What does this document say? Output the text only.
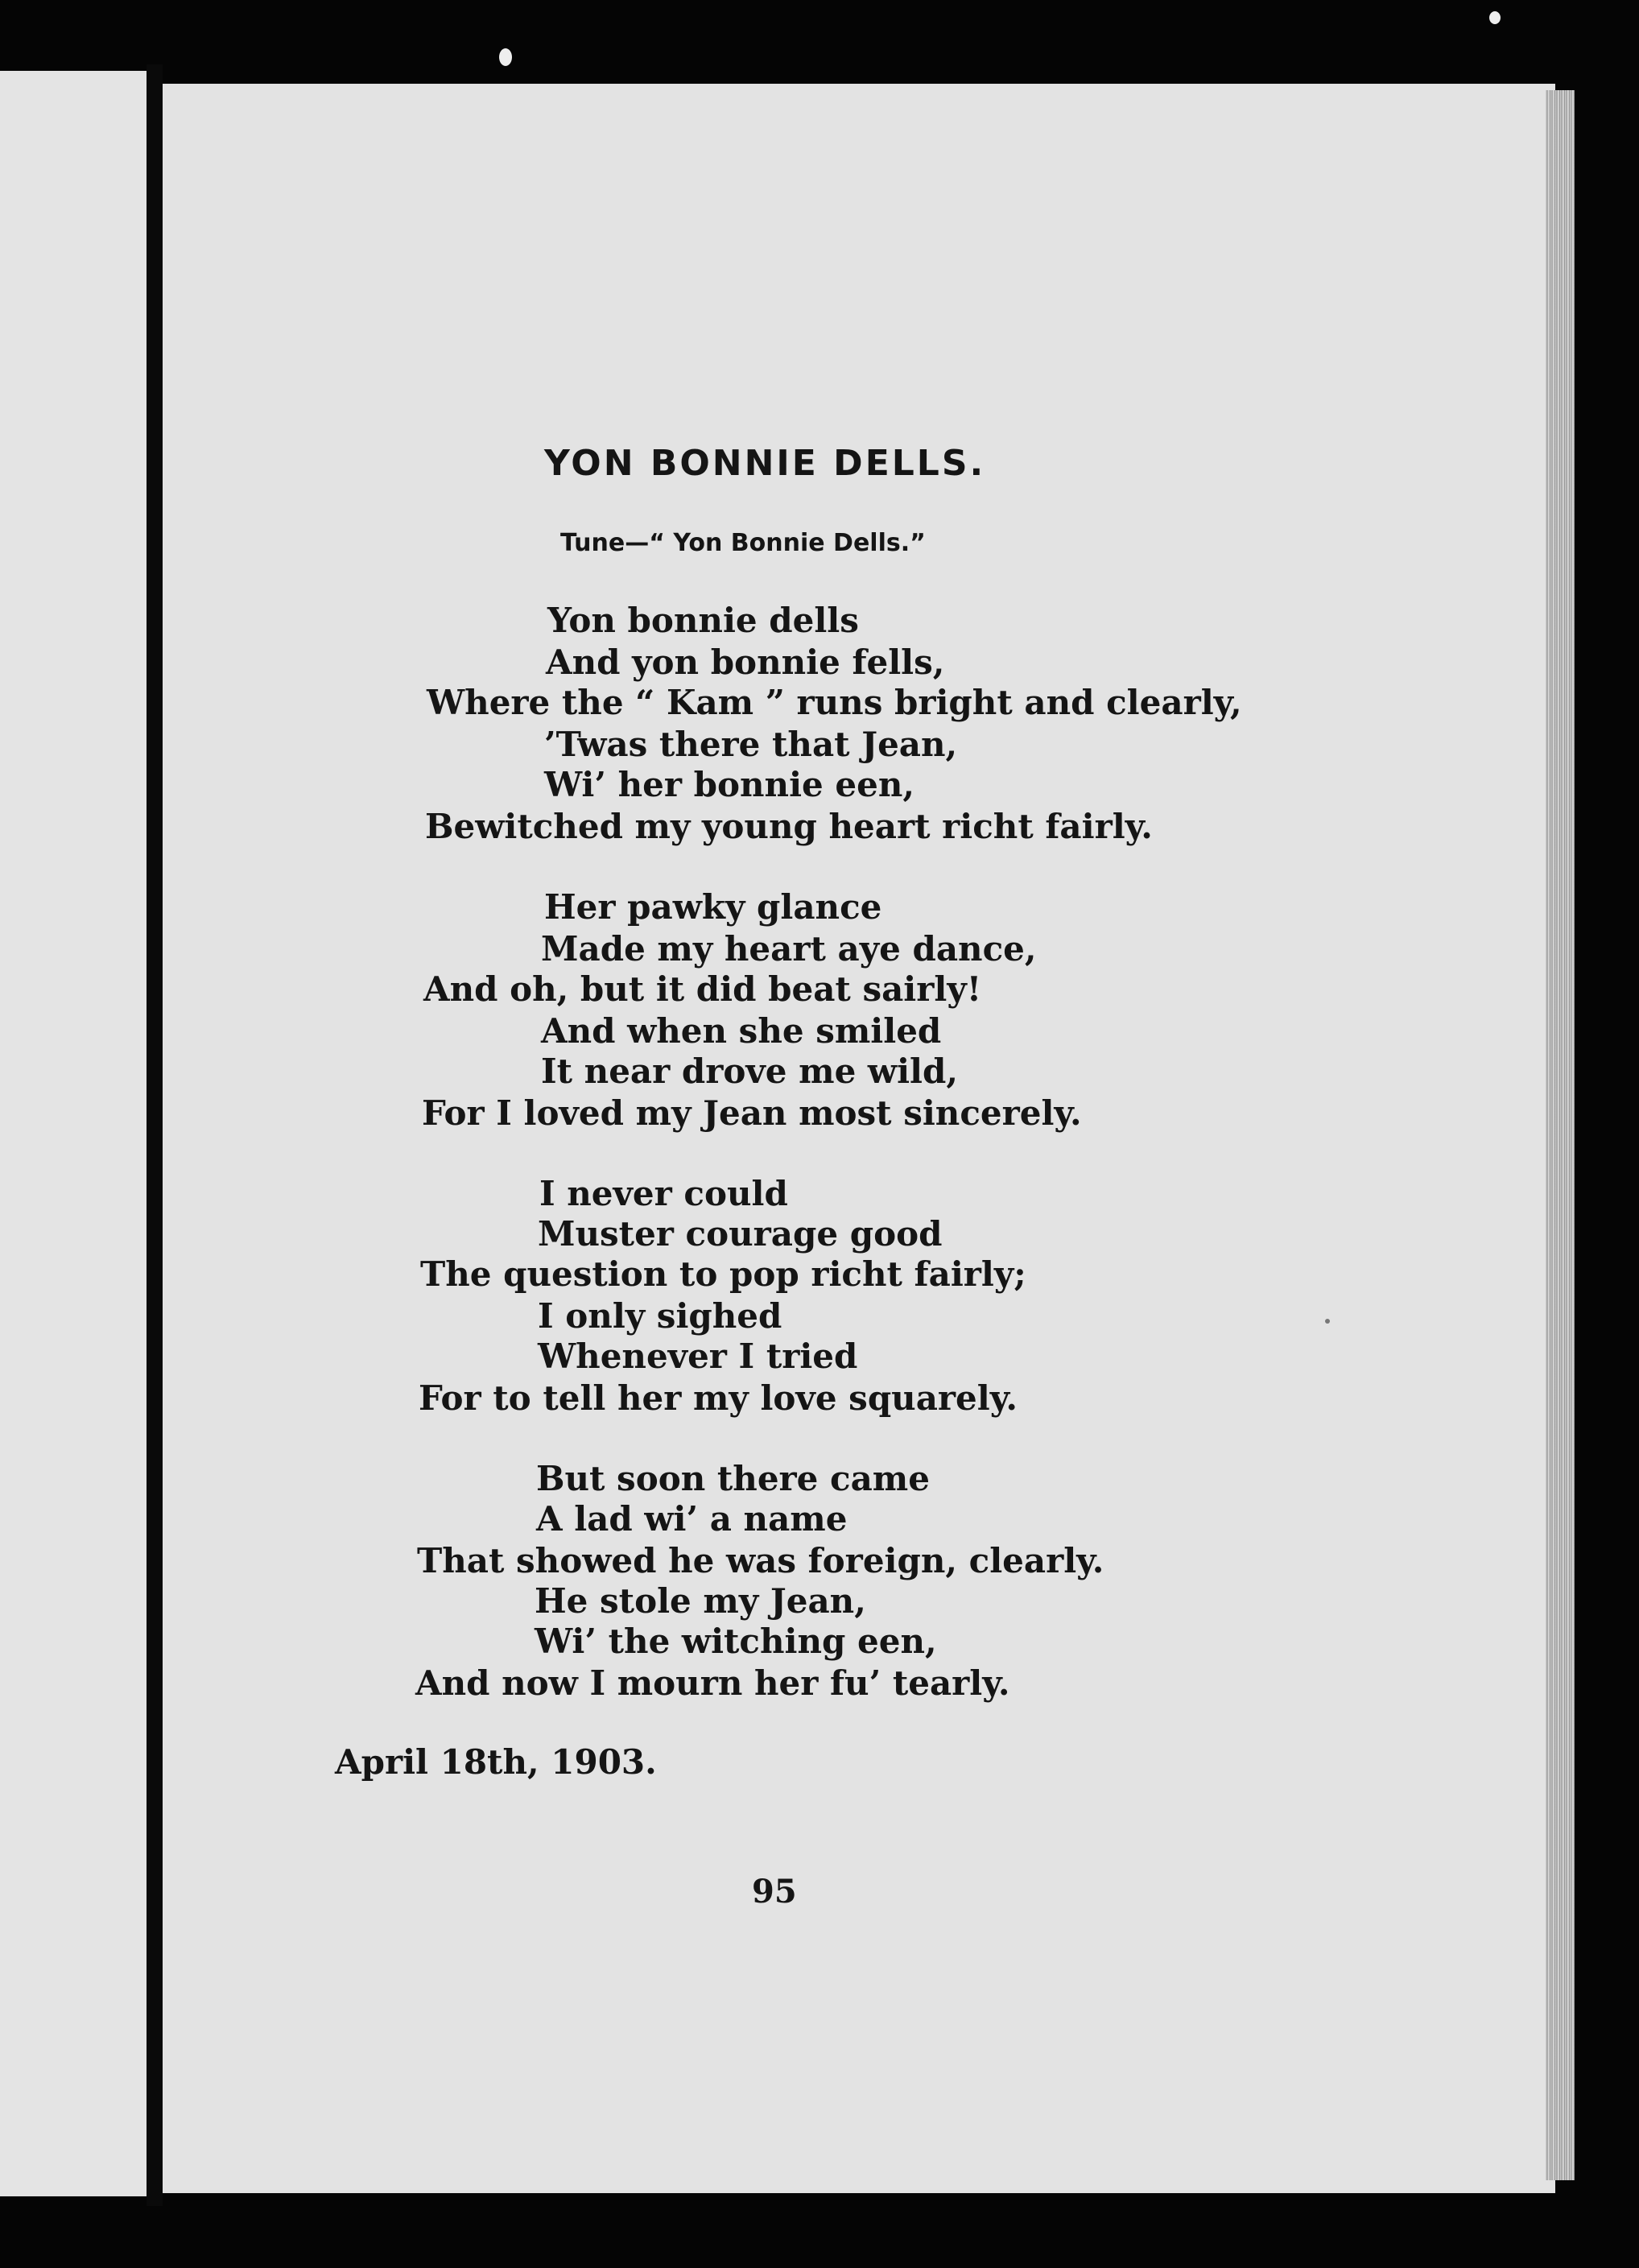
YON BONNIE DELLS.
Tune—“ Yon Bonnie Dells.”
Yon bonnie dells
And yon bonnie fells,
Where the “ Kam ” runs bright and clearly,
’Twas there that Jean,
Wi’ her bonnie een,
Bewitched my young heart richt fairly.
Her pawky glance
Made my heart aye dance,
And oh, but it did beat sairly!
And when she smiled
It near drove me wild,
For I loved my Jean most sincerely.
I never could
Muster courage good
The question to pop richt fairly;
I only sighed
Whenever I tried
For to tell her my love squarely.
But soon there came
A lad wi’ a name
That showed he was foreign, clearly.
He stole my Jean,
Wi’ the witching een,
And now I mourn her fu’ tearly.
April 18th, 1903.
95
